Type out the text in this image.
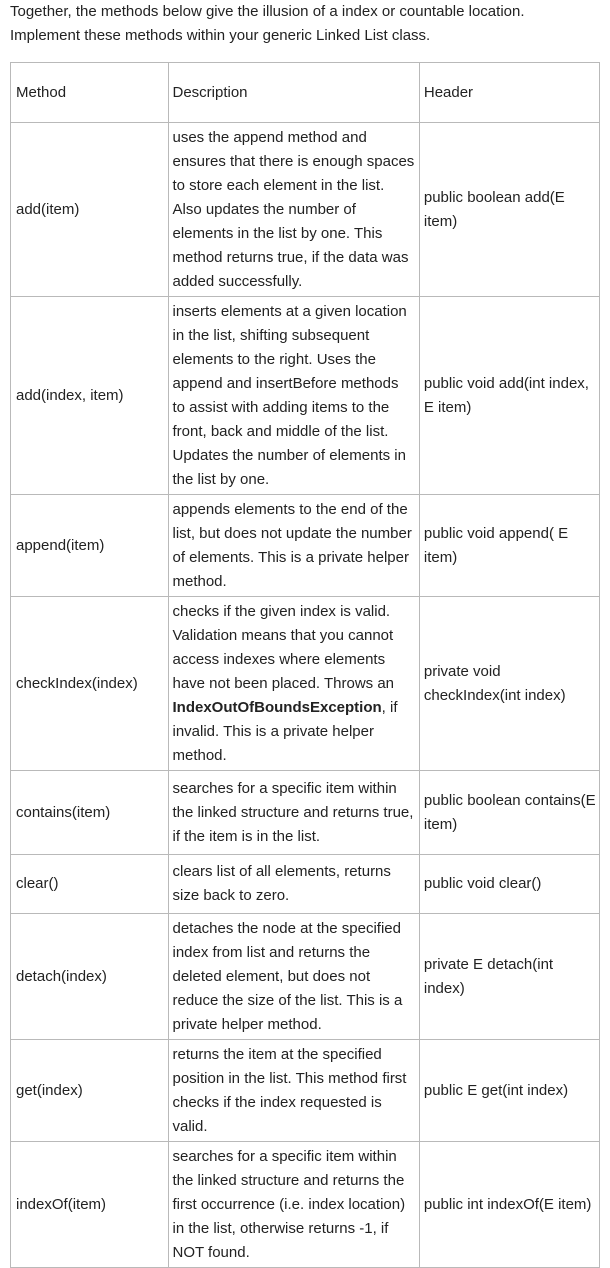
Together, the methods below give the illusion of a index or countable location.
Implement these methods within your generic Linked List class.
Method	Description	Header
add(item)	uses the append method and ensures that there is enough spaces to store each element in the list. Also updates the number of elements in the list by one. This method returns true, if the data was added successfully.	public boolean add(E item)
add(index, item)	inserts elements at a given location in the list, shifting subsequent elements to the right. Uses the append and insertBefore methods to assist with adding items to the front, back and middle of the list. Updates the number of elements in the list by one.	public void add(int index, E item)
append(item)	appends elements to the end of the list, but does not update the number of elements. This is a private helper method.	public void append( E item)
checkIndex(index)	checks if the given index is valid. Validation means that you cannot access indexes where elements have not been placed. Throws an IndexOutOfBoundsException, if invalid. This is a private helper method.	private void checkIndex(int index)
contains(item)	searches for a specific item within the linked structure and returns true, if the item is in the list.	public boolean contains(E item)
clear()	clears list of all elements, returns size back to zero.	public void clear()
detach(index)	detaches the node at the specified index from list and returns the deleted element, but does not reduce the size of the list. This is a private helper method.	private E detach(int index)
get(index)	returns the item at the specified position in the list. This method first checks if the index requested is valid.	public E get(int index)
indexOf(item)	searches for a specific item within the linked structure and returns the first occurrence (i.e. index location) in the list, otherwise returns -1, if NOT found.	public int indexOf(E item)
